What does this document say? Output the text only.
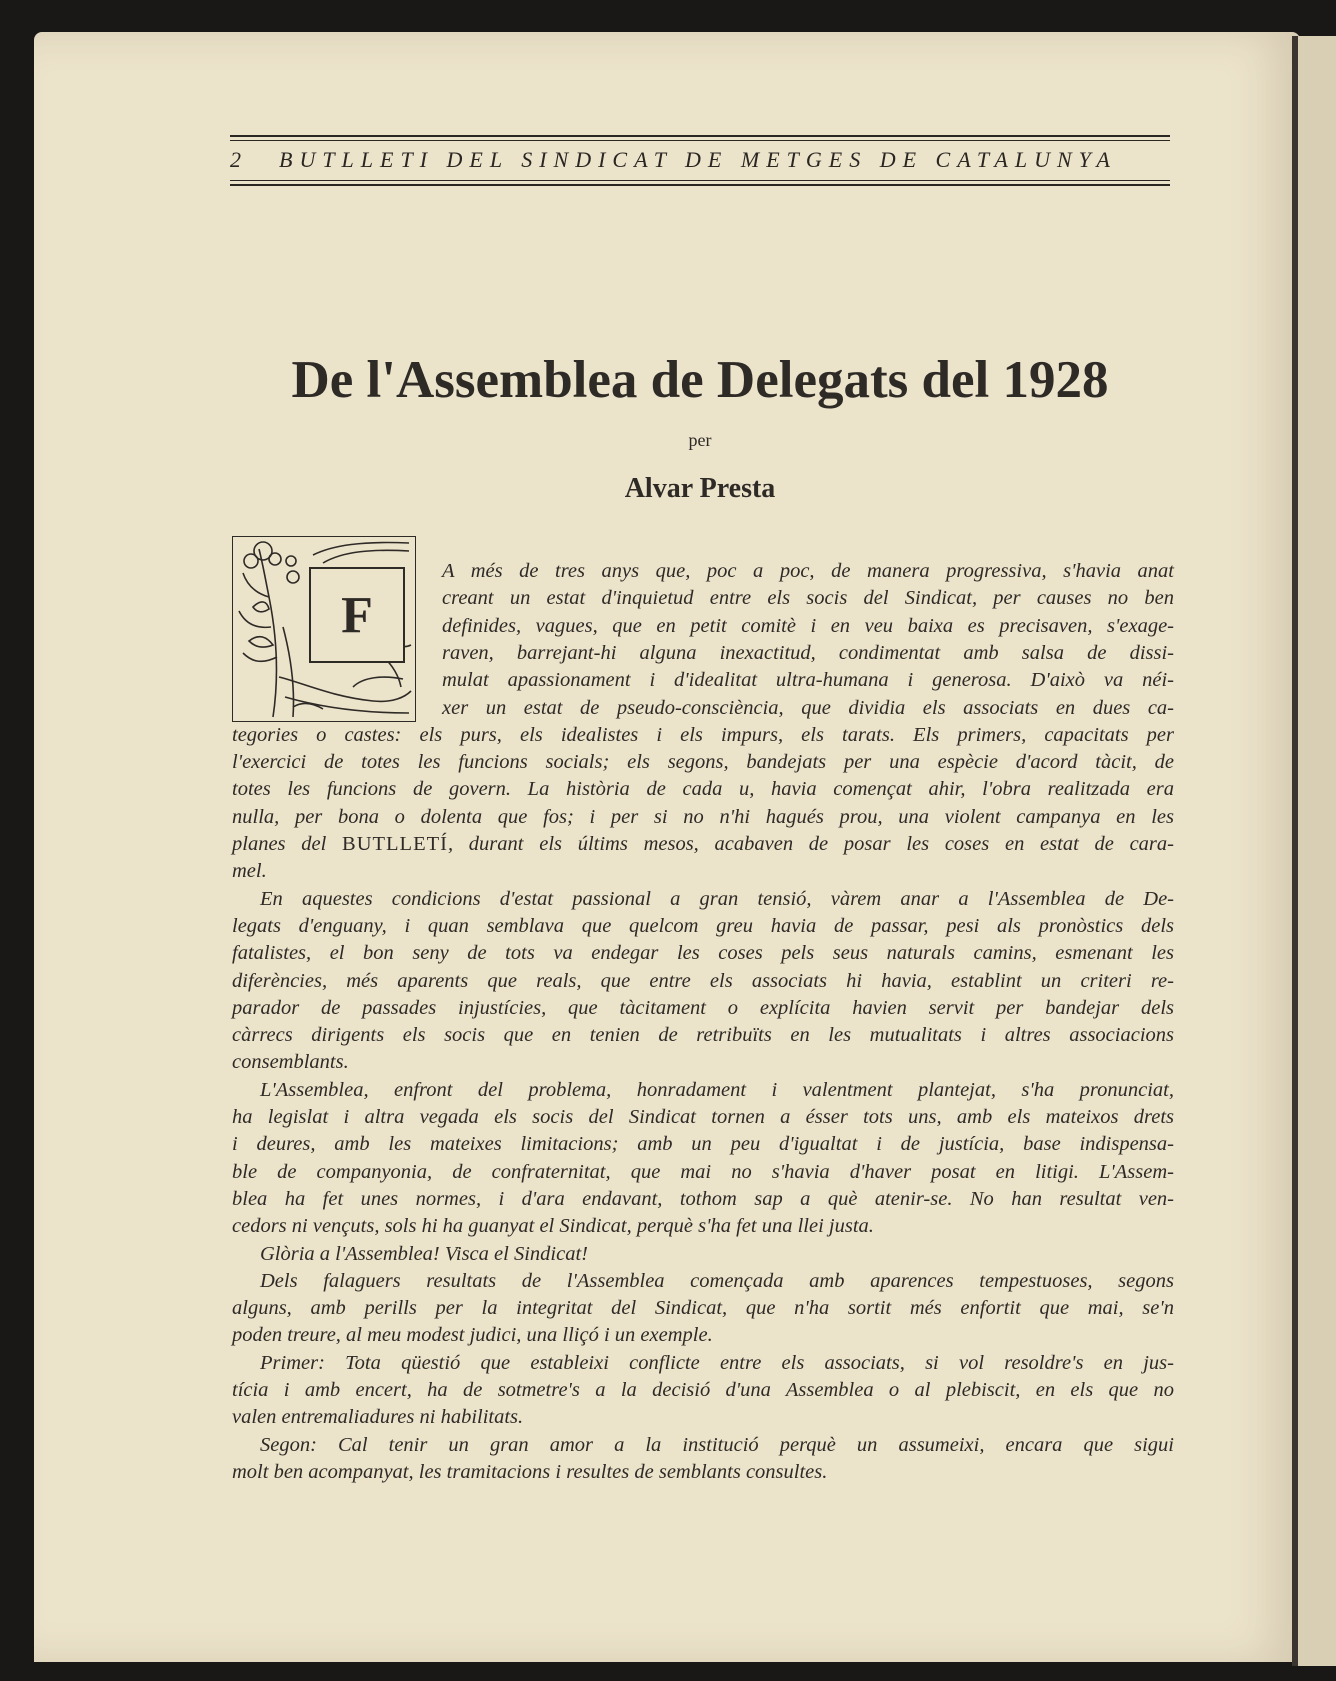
2 BUTLLETI DEL SINDICAT DE METGES DE CATALUNYA
De l'Assemblea de Delegats del 1928
per
Alvar Presta
F

A més de tres anys que, poc a poc, de manera progressiva, s'havia anat

creant un estat d'inquietud entre els socis del Sindicat, per causes no ben

definides, vagues, que en petit comitè i en veu baixa es precisaven, s'exage-

raven, barrejant-hi alguna inexactitud, condimentat amb salsa de dissi-

mulat apassionament i d'idealitat ultra-humana i generosa. D'això va néi-

xer un estat de pseudo-consciència, que dividia els associats en dues ca-

tegories o castes: els purs, els idealistes i els impurs, els tarats. Els primers, capacitats per

l'exercici de totes les funcions socials; els segons, bandejats per una espècie d'acord tàcit, de

totes les funcions de govern. La història de cada u, havia començat ahir, l'obra realitzada era

nulla, per bona o dolenta que fos; i per si no n'hi hagués prou, una violent campanya en les

planes del BUTLLETÍ, durant els últims mesos, acabaven de posar les coses en estat de cara-

mel.

En aquestes condicions d'estat passional a gran tensió, vàrem anar a l'Assemblea de De-

legats d'enguany, i quan semblava que quelcom greu havia de passar, pesi als pronòstics dels

fatalistes, el bon seny de tots va endegar les coses pels seus naturals camins, esmenant les

diferències, més aparents que reals, que entre els associats hi havia, establint un criteri re-

parador de passades injustícies, que tàcitament o explícita havien servit per bandejar dels

càrrecs dirigents els socis que en tenien de retribuïts en les mutualitats i altres associacions

consemblants.

L'Assemblea, enfront del problema, honradament i valentment plantejat, s'ha pronunciat,

ha legislat i altra vegada els socis del Sindicat tornen a ésser tots uns, amb els mateixos drets

i deures, amb les mateixes limitacions; amb un peu d'igualtat i de justícia, base indispensa-

ble de companyonia, de confraternitat, que mai no s'havia d'haver posat en litigi. L'Assem-

blea ha fet unes normes, i d'ara endavant, tothom sap a què atenir-se. No han resultat ven-

cedors ni vençuts, sols hi ha guanyat el Sindicat, perquè s'ha fet una llei justa.

Glòria a l'Assemblea! Visca el Sindicat!

Dels falaguers resultats de l'Assemblea començada amb aparences tempestuoses, segons

alguns, amb perills per la integritat del Sindicat, que n'ha sortit més enfortit que mai, se'n

poden treure, al meu modest judici, una lliçó i un exemple.

Primer: Tota qüestió que estableixi conflicte entre els associats, si vol resoldre's en jus-

tícia i amb encert, ha de sotmetre's a la decisió d'una Assemblea o al plebiscit, en els que no

valen entremaliadures ni habilitats.

Segon: Cal tenir un gran amor a la institució perquè un assumeixi, encara que sigui

molt ben acompanyat, les tramitacions i resultes de semblants consultes.
